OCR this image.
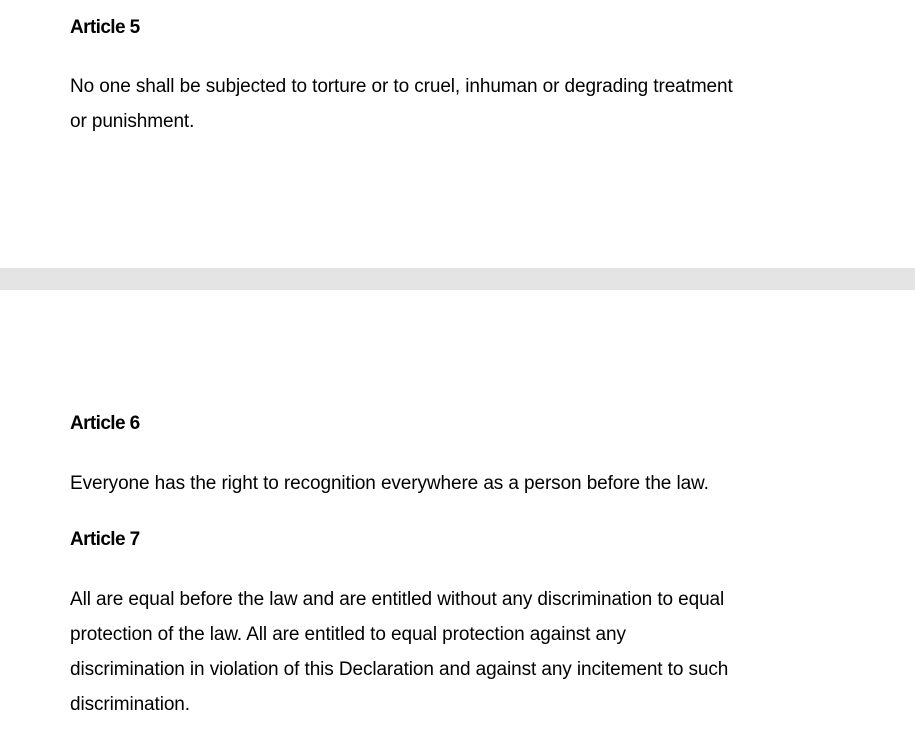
Article 5

No one shall be subjected to torture or to cruel, inhuman or degrading treatment
or punishment.

Article 6

Everyone has the right to recognition everywhere as a person before the law.

Article 7

All are equal before the law and are entitled without any discrimination to equal
protection of the law. All are entitled to equal protection against any
discrimination in violation of this Declaration and against any incitement to such
discrimination.
